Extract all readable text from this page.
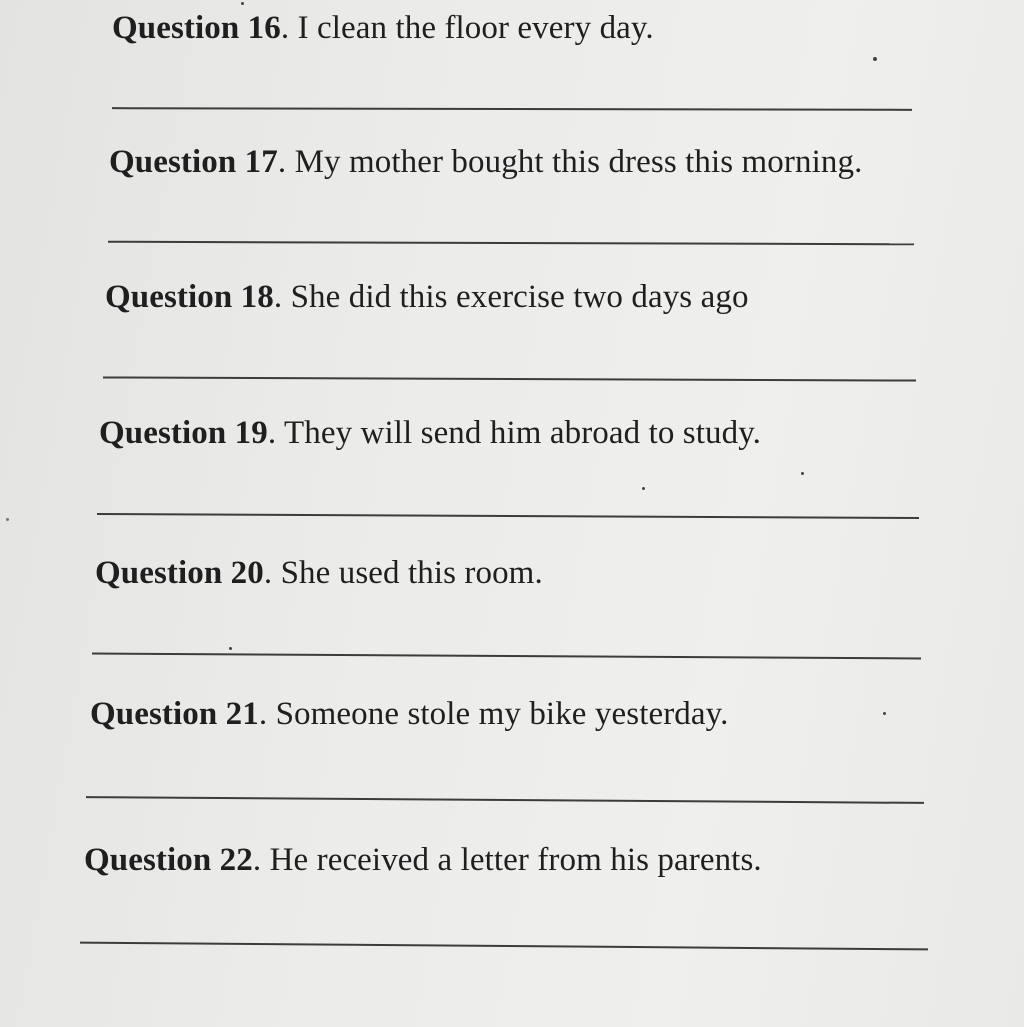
Question 16. I clean the floor every day.
Question 17. My mother bought this dress this morning.
Question 18. She did this exercise two days ago
Question 19. They will send him abroad to study.
Question 20. She used this room.
Question 21. Someone stole my bike yesterday.
Question 22. He received a letter from his parents.
